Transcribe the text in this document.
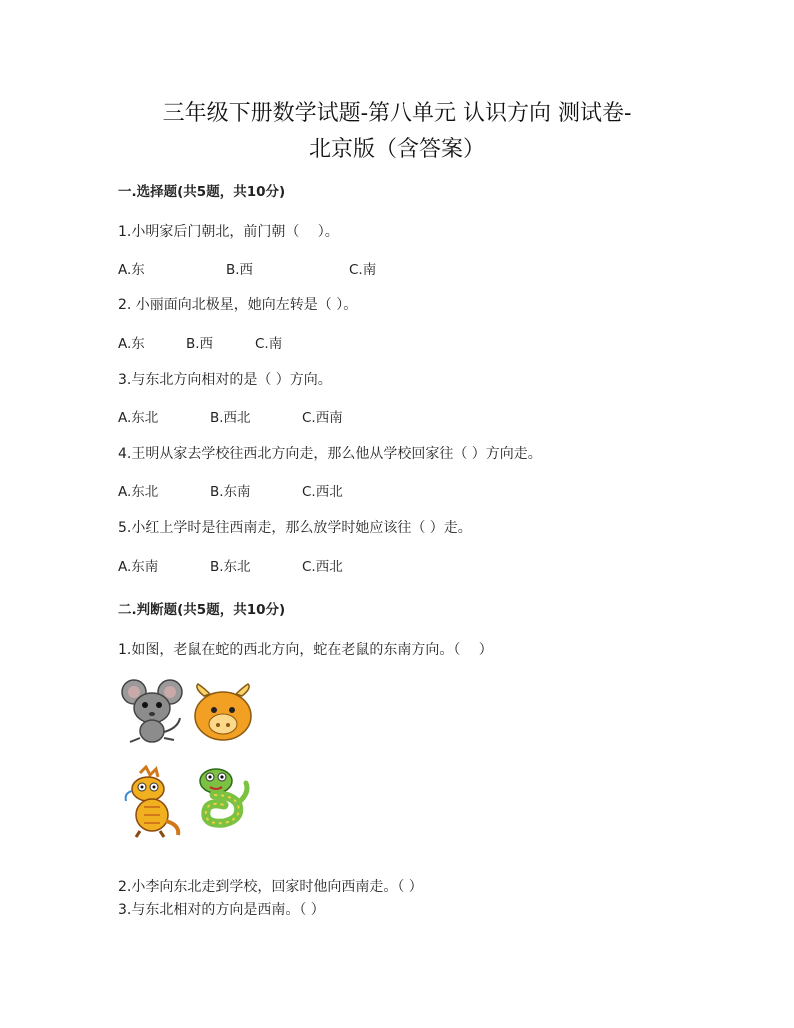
三年级下册数学试题-第八单元 认识方向 测试卷-
北京版（含答案）
一.选择题(共5题，共10分)
1.小明家后门朝北，前门朝（　 ）。
A.东	B.西	C.南
2. 小丽面向北极星，她向左转是（ ）。
A.东	B.西	C.南
3.与东北方向相对的是（ ）方向。
A.东北	B.西北	C.西南
4.王明从家去学校往西北方向走，那么他从学校回家往（ ）方向走。
A.东北	B.东南	C.西北
5.小红上学时是往西南走，那么放学时她应该往（ ）走。
A.东南	B.东北	C.西北
二.判断题(共5题，共10分)
1.如图，老鼠在蛇的西北方向，蛇在老鼠的东南方向。（　 ）
2.小李向东北走到学校，回家时他向西南走。（ ）
3.与东北相对的方向是西南。（ ）
